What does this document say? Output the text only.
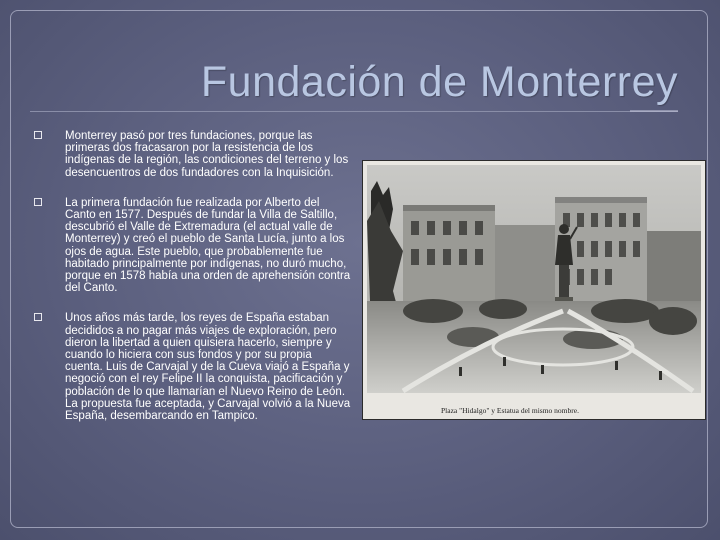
Fundación de Monterrey
Monterrey pasó por tres fundaciones, porque las primeras dos fracasaron por la resistencia de los indígenas de la región, las condiciones del terreno y los desencuentros de dos fundadores con la Inquisición.
La primera fundación fue realizada por Alberto del Canto en 1577. Después de fundar la Villa de Saltillo, descubrió el Valle de Extremadura (el actual valle de Monterrey) y creó el pueblo de Santa Lucía, junto a los ojos de agua. Este pueblo, que probablemente fue habitado principalmente por indígenas, no duró mucho, porque en 1578 había una orden de aprehensión contra del Canto.
Unos años más tarde, los reyes de España estaban decididos a no pagar más viajes de exploración, pero dieron la libertad a quien quisiera hacerlo, siempre y cuando lo hiciera con sus fondos y por su propia cuenta. Luis de Carvajal y de la Cueva viajó a España y negoció con el rey Felipe II la conquista, pacificación y población de lo que llamarían el Nuevo Reino de León. La propuesta fue aceptada, y Carvajal volvió a la Nueva España, desembarcando en Tampico.	Plaza "Hidalgo" y Estatua del mismo nombre.
